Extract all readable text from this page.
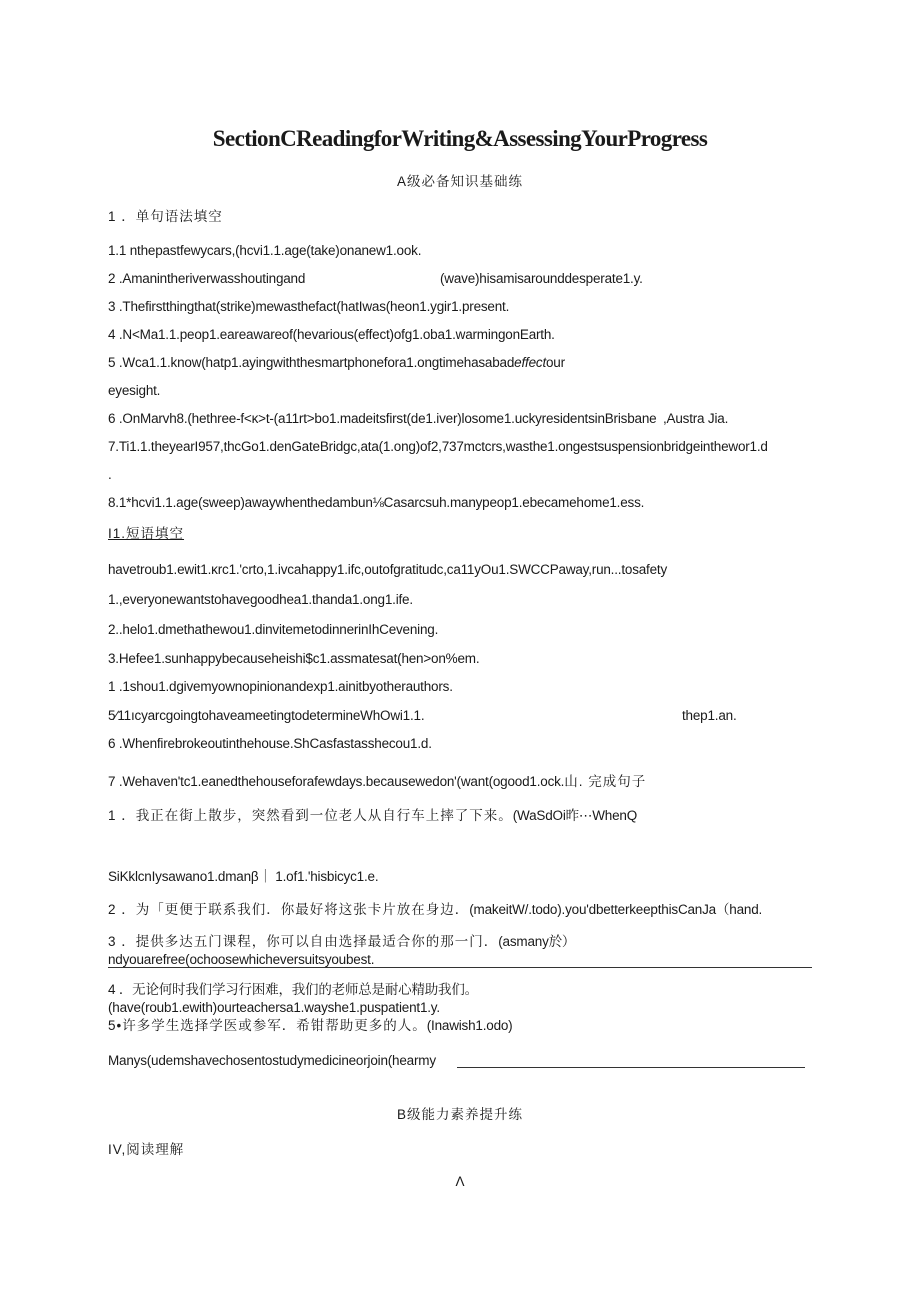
SectionCReadingforWriting&AssessingYourProgress
A级必备知识基础练
1 ．单句语法填空
1.1 nthepastfewycars,(hcvi1.1.age(take)onanew1.ook.
2 .Amanintheriverwasshoutingand	(wave)hisamisarounddesperate1.y.
3 .Thefirstthingthat(strike)mewasthefact(hatIwas(heon1.ygir1.present.
4 .N<Ma1.1.peop1.eareawareof(hevarious(effect)ofg1.oba1.warmingonEarth.
5 .Wca1.1.know(hatp1.ayingwiththesmartphonefora1.ongtimehasabadeffectour
eyesight.
6 .OnMarvh8.(hethree-f<κ>t-(a11rt>bo1.madeitsfirst(de1.iver)losome1.uckyresidentsinBrisbane ,Austra Jia.
7.Ti1.1.theyearI957,thcGo1.denGateBridgc,ata(1.ong)of2,737mctcrs,wasthe1.ongestsuspensionbridgeinthewor1.d
.
8.1*hcvi1.1.age(sweep)awaywhenthedambun⅛Casarcsuh.manypeop1.ebecamehome1.ess.
I1.短语填空
havetroub1.ewit1.κrc1.'crto,1.ivcahappy1.ifc,outofgratitudc,ca11yOu1.SWCCPaway,run...tosafety
1.,everyonewantstohavegoodhea1.thanda1.ong1.ife.
2..helo1.dmethathewou1.dinvitemetodinnerinIhCevening.
3.Hefee1.sunhappybecauseheishi$c1.assmatesat(hen>on%em.
1 .1shou1.dgivemyownopinionandexp1.ainitbyotherauthors.
5∕11ıcyarcgoingtohaveameetingtodetermineWhOwi1.1.	thep1.an.
6 .Whenfirebrokeoutinthehouse.ShCasfastasshecou1.d.
7 .Wehaven'tc1.eanedthehouseforafewdays.becausewedon'(want(ogood1.ock.山. 完成句子
1 ．我正在街上散步，突然看到一位老人从自行车上摔了下来。(WaSdOi昨⋯WhenQ
SiKklcnIysawano1.dmanβ｜ 1.of1.'hisbicyc1.e.
2 ．为「更便于联系我们．你最好将这张卡片放在身边．(makeitW/.todo).you'dbetterkeepthisCanJa（hand.
3 ．提供多达五门课程，你可以自由选择最适合你的那一门．(asmany於）
ndyouarefree(ochoosewhicheversuitsyoubest.
4 ．无论何时我们学习行困难，我们的老师总是耐心精助我们。
(have(roub1.ewith)ourteachersa1.wayshe1.puspatient1.y.
5•许多学生选择学医或参军．希钳帮助更多的人。(Inawish1.odo)
Manys(udemshavechosentostudymedicineorjoin(hearmy
B级能力素养提升练
IV,阅读理解
Λ
